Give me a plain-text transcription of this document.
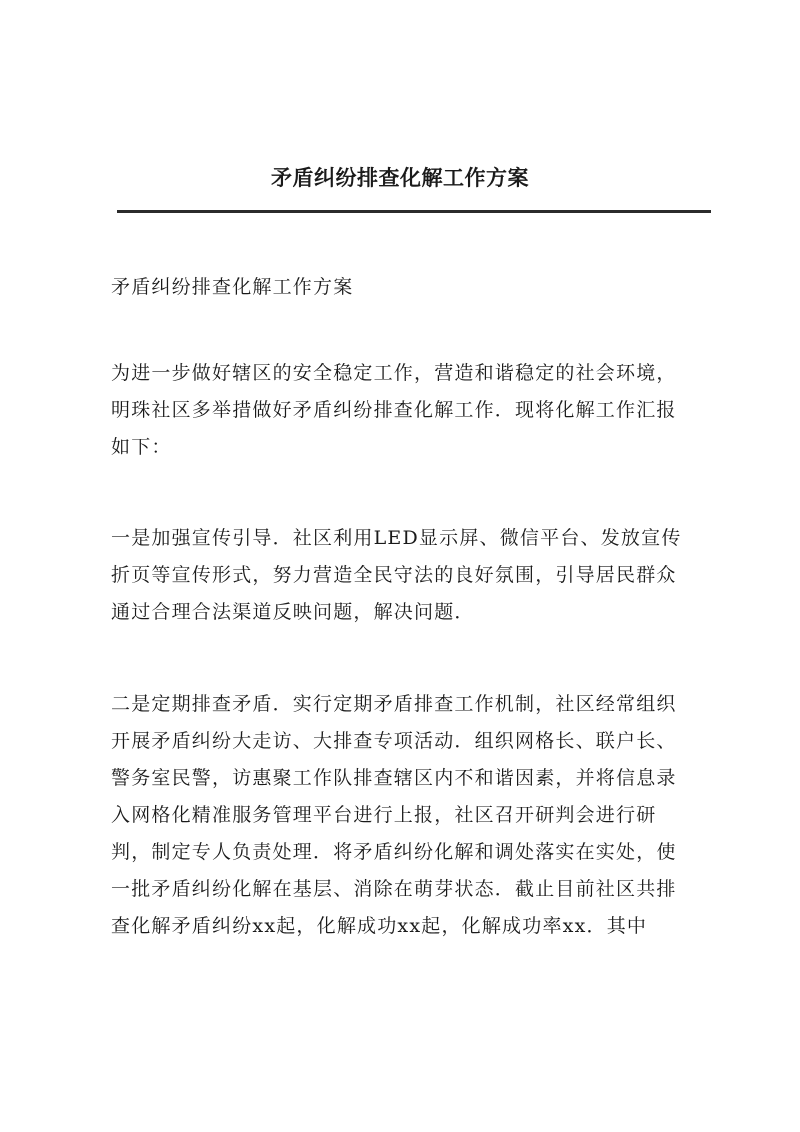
矛盾纠纷排查化解工作方案

矛盾纠纷排查化解工作方案

为进一步做好辖区的安全稳定工作，营造和谐稳定的社会环境，
明珠社区多举措做好矛盾纠纷排查化解工作．现将化解工作汇报
如下：

一是加强宣传引导．社区利用LED显示屏、微信平台、发放宣传
折页等宣传形式，努力营造全民守法的良好氛围，引导居民群众
通过合理合法渠道反映问题，解决问题．

二是定期排查矛盾．实行定期矛盾排查工作机制，社区经常组织
开展矛盾纠纷大走访、大排查专项活动．组织网格长、联户长、
警务室民警，访惠聚工作队排查辖区内不和谐因素，并将信息录
入网格化精准服务管理平台进行上报，社区召开研判会进行研
判，制定专人负责处理．将矛盾纠纷化解和调处落实在实处，使
一批矛盾纠纷化解在基层、消除在萌芽状态．截止目前社区共排
查化解矛盾纠纷xx起，化解成功xx起，化解成功率xx．其中
